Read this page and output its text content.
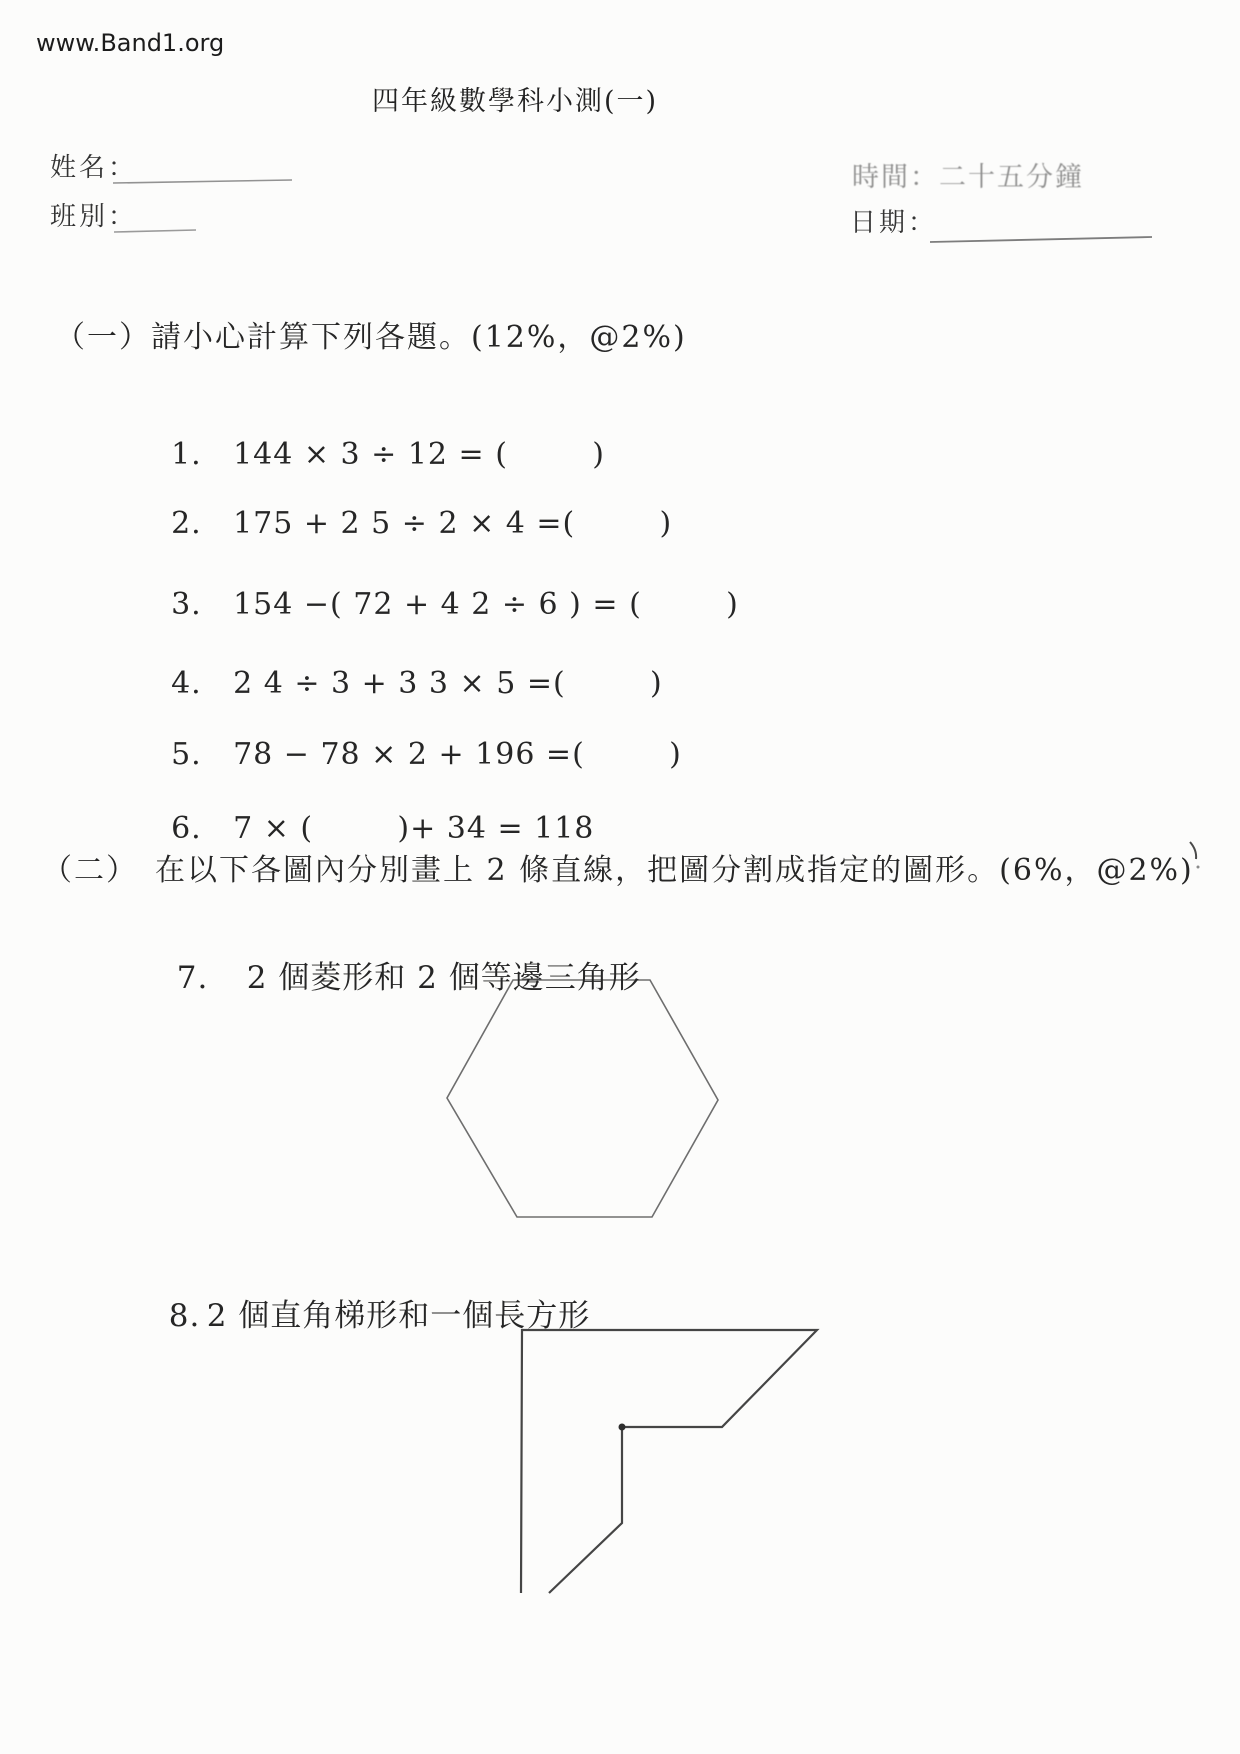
www.Band1.org
四年級數學科小測(一)
姓名：
班別：
時間：二十五分鐘
日期：
（一）請小心計算下列各題。(12%，@2%)

1. 144 × 3 ÷ 12 = (        )

2. 175 + 2 5 ÷ 2 × 4 =(        )

3. 154 −( 72 + 4 2 ÷ 6 ) = (        )

4. 2 4 ÷ 3 + 3 3 × 5 =(        )

5. 78 − 78 × 2 + 196 =(        )

6. 7 × (        )+ 34 = 118

（二）　在以下各圖內分別畫上 2 條直線，把圖分割成指定的圖形。(6%，@2%)

7. 2 個菱形和 2 個等邊三角形

8. 2 個直角梯形和一個長方形
